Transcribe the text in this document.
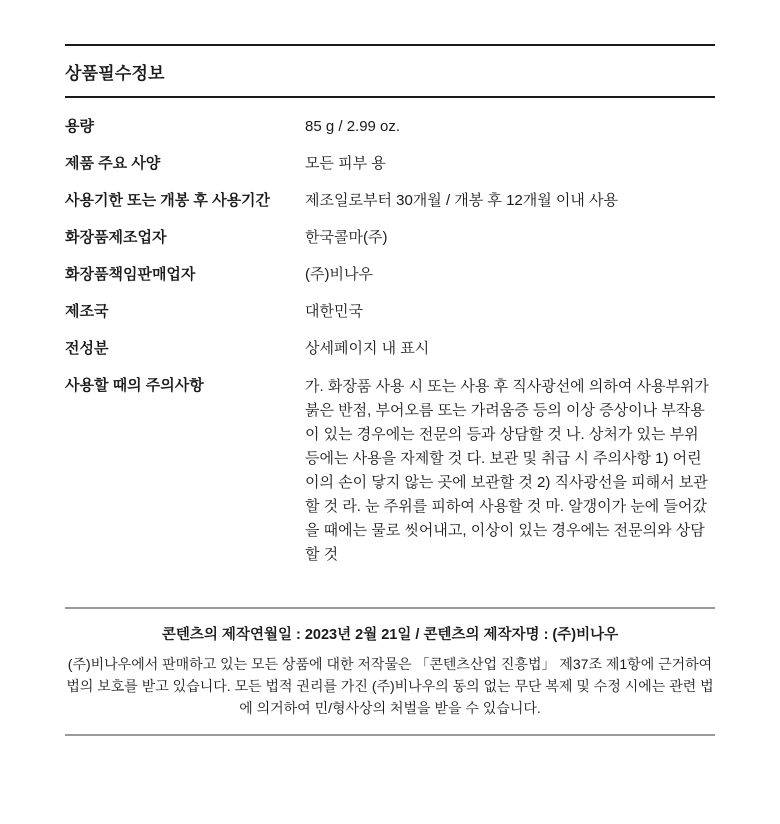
상품필수정보
용량	85 g / 2.99 oz.
제품 주요 사양	모든 피부 용
사용기한 또는 개봉 후 사용기간	제조일로부터 30개월 / 개봉 후 12개월 이내 사용
화장품제조업자	한국콜마(주)
화장품책임판매업자	(주)비나우
제조국	대한민국
전성분	상세페이지 내 표시
사용할 때의 주의사항	가. 화장품 사용 시 또는 사용 후 직사광선에 의하여 사용부위가 붉은 반점, 부어오름 또는 가려움증 등의 이상 증상이나 부작용이 있는 경우에는 전문의 등과 상담할 것 나. 상처가 있는 부위 등에는 사용을 자제할 것 다. 보관 및 취급 시 주의사항 1) 어린이의 손이 닿지 않는 곳에 보관할 것 2) 직사광선을 피해서 보관할 것 라. 눈 주위를 피하여 사용할 것 마. 알갱이가 눈에 들어갔을 때에는 물로 씻어내고, 이상이 있는 경우에는 전문의와 상담할 것
콘텐츠의 제작연월일 : 2023년 2월 21일 / 콘텐츠의 제작자명 : (주)비나우
(주)비나우에서 판매하고 있는 모든 상품에 대한 저작물은 「콘텐츠산업 진흥법」 제37조 제1항에 근거하여 법의 보호를 받고 있습니다. 모든 법적 권리를 가진 (주)비나우의 동의 없는 무단 복제 및 수정 시에는 관련 법에 의거하여 민/형사상의 처벌을 받을 수 있습니다.
